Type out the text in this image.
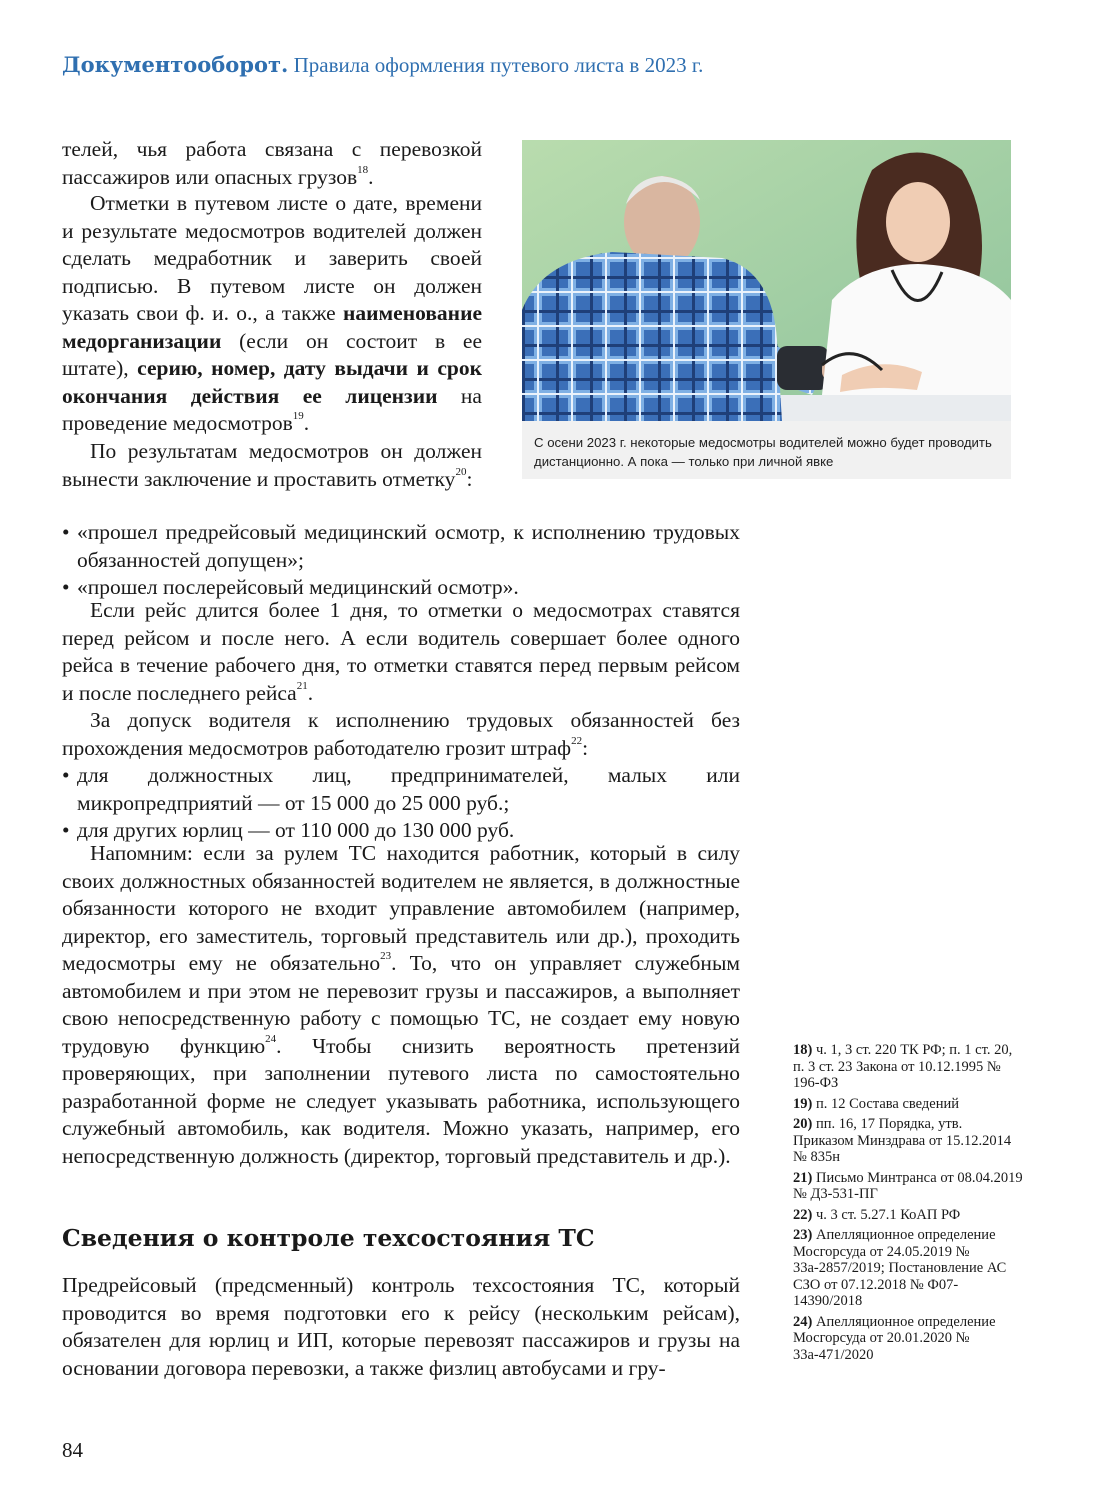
Документооборот. Правила оформления путевого листа в 2023 г.
телей, чья работа связана с перевозкой пассажиров или опасных грузов$^{18}$.
Отметки в путевом листе о дате, времени и результате медосмотров водителей должен сделать медработник и заверить своей подписью. В путевом листе он должен указать свои ф. и. о., а также наименование медорганизации (если он состоит в ее штате), серию, номер, дату выдачи и срок окончания действия ее лицензии на проведение медосмотров$^{19}$.
По результатам медосмотров он должен вынести заключение и проставить отметку$^{20}$:
С осени 2023 г. некоторые медосмотры водителей можно будет проводить дистанционно. А пока — только при личной явке
• «прошел предрейсовый медицинский осмотр, к исполнению трудовых обязанностей допущен»;
• «прошел послерейсовый медицинский осмотр».
Если рейс длится более 1 дня, то отметки о медосмотрах ставятся перед рейсом и после него. А если водитель совершает более одного рейса в течение рабочего дня, то отметки ставятся перед первым рейсом и после последнего рейса$^{21}$.
За допуск водителя к исполнению трудовых обязанностей без прохождения медосмотров работодателю грозит штраф$^{22}$:
• для должностных лиц, предпринимателей, малых или микропредприятий — от 15 000 до 25 000 руб.;
• для других юрлиц — от 110 000 до 130 000 руб.
Напомним: если за рулем ТС находится работник, который в силу своих должностных обязанностей водителем не является, в должностные обязанности которого не входит управление автомобилем (например, директор, его заместитель, торговый представитель или др.), проходить медосмотры ему не обязательно$^{23}$. То, что он управляет служебным автомобилем и при этом не перевозит грузы и пассажиров, а выполняет свою непосредственную работу с помощью ТС, не создает ему новую трудовую функцию$^{24}$. Чтобы снизить вероятность претензий проверяющих, при заполнении путевого листа по самостоятельно разработанной форме не следует указывать работника, использующего служебный автомобиль, как водителя. Можно указать, например, его непосредственную должность (директор, торговый представитель и др.).
Сведения о контроле техсостояния ТС
Предрейсовый (предсменный) контроль техсостояния ТС, который проводится во время подготовки его к рейсу (нескольким рейсам), обязателен для юрлиц и ИП, которые перевозят пассажиров и грузы на основании договора перевозки, а также физлиц автобусами и гру-
18) ч. 1, 3 ст. 220 ТК РФ; п. 1 ст. 20, п. 3 ст. 23 Закона от 10.12.1995 № 196-ФЗ
19) п. 12 Состава сведений
20) пп. 16, 17 Порядка, утв. Приказом Минздрава от 15.12.2014 № 835н
21) Письмо Минтранса от 08.04.2019 № Д3-531-ПГ
22) ч. 3 ст. 5.27.1 КоАП РФ
23) Апелляционное определение Мосгорсуда от 24.05.2019 № 33а-2857/2019; Постановление АС СЗО от 07.12.2018 № Ф07-14390/2018
24) Апелляционное определение Мосгорсуда от 20.01.2020 № 33а-471/2020
84
